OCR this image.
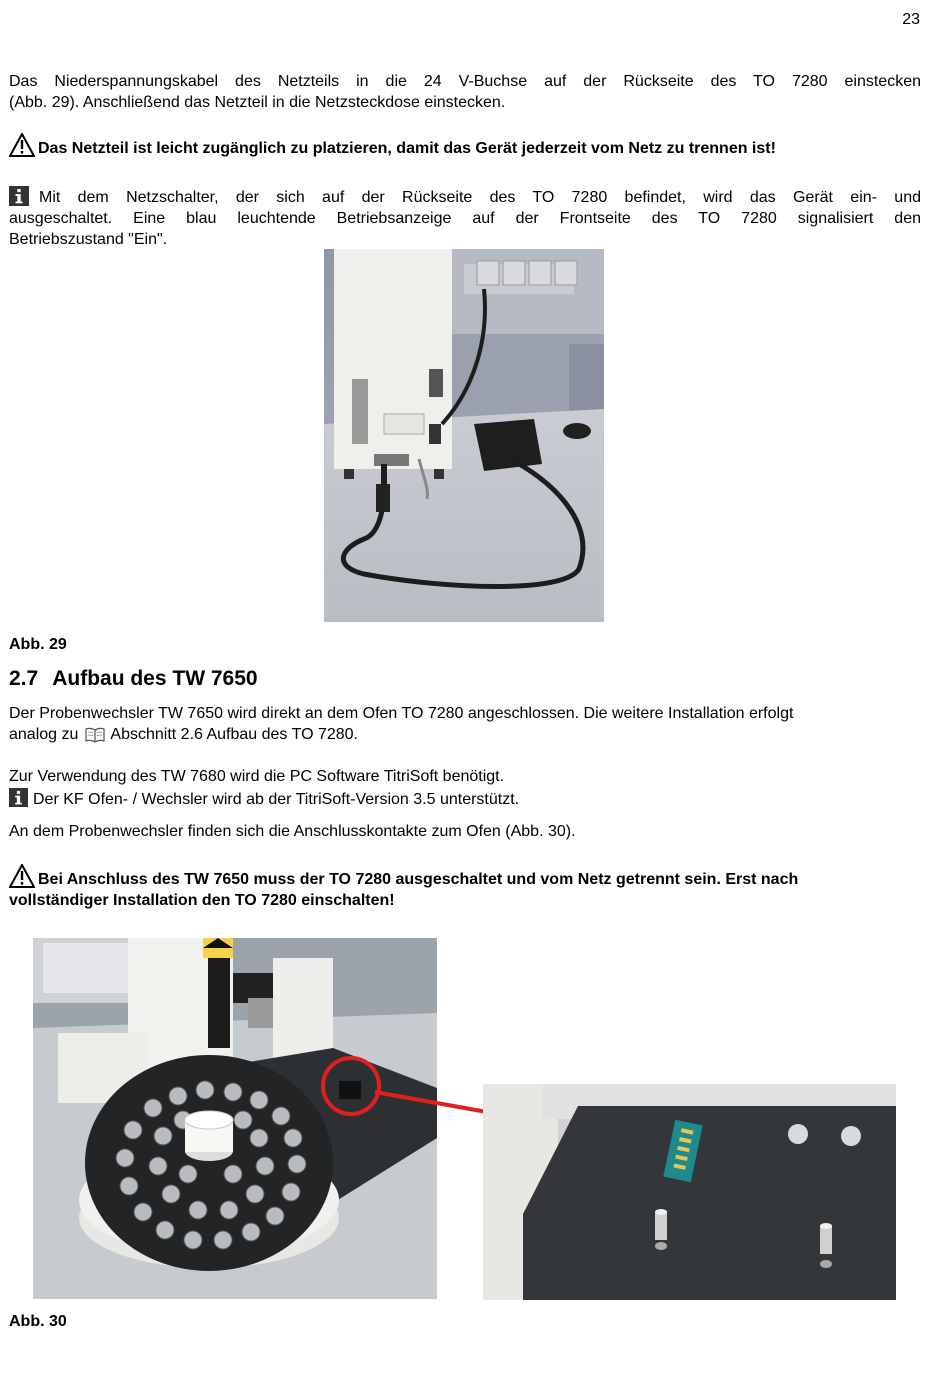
23
Das Niederspannungskabel des Netzteils in die 24 V-Buchse auf der Rückseite des TO 7280 einstecken
(Abb. 29). Anschließend das Netzteil in die Netzsteckdose einstecken.
Das Netzteil ist leicht zugänglich zu platzieren, damit das Gerät jederzeit vom Netz zu trennen ist!
Mit dem Netzschalter, der sich auf der Rückseite des TO 7280 befindet, wird das Gerät ein- und
ausgeschaltet. Eine blau leuchtende Betriebsanzeige auf der Frontseite des TO 7280 signalisiert den
Betriebszustand "Ein".
Abb. 29
2.7 Aufbau des TW 7650
Der Probenwechsler TW 7650 wird direkt an dem Ofen TO 7280 angeschlossen. Die weitere Installation erfolgt
analog zu Abschnitt 2.6 Aufbau des TO 7280.
Zur Verwendung des TW 7680 wird die PC Software TitriSoft benötigt.
Der KF Ofen- / Wechsler wird ab der TitriSoft-Version 3.5 unterstützt.
An dem Probenwechsler finden sich die Anschlusskontakte zum Ofen (Abb. 30).
Bei Anschluss des TW 7650 muss der TO 7280 ausgeschaltet und vom Netz getrennt sein. Erst nach
vollständiger Installation den TO 7280 einschalten!
Abb. 30
